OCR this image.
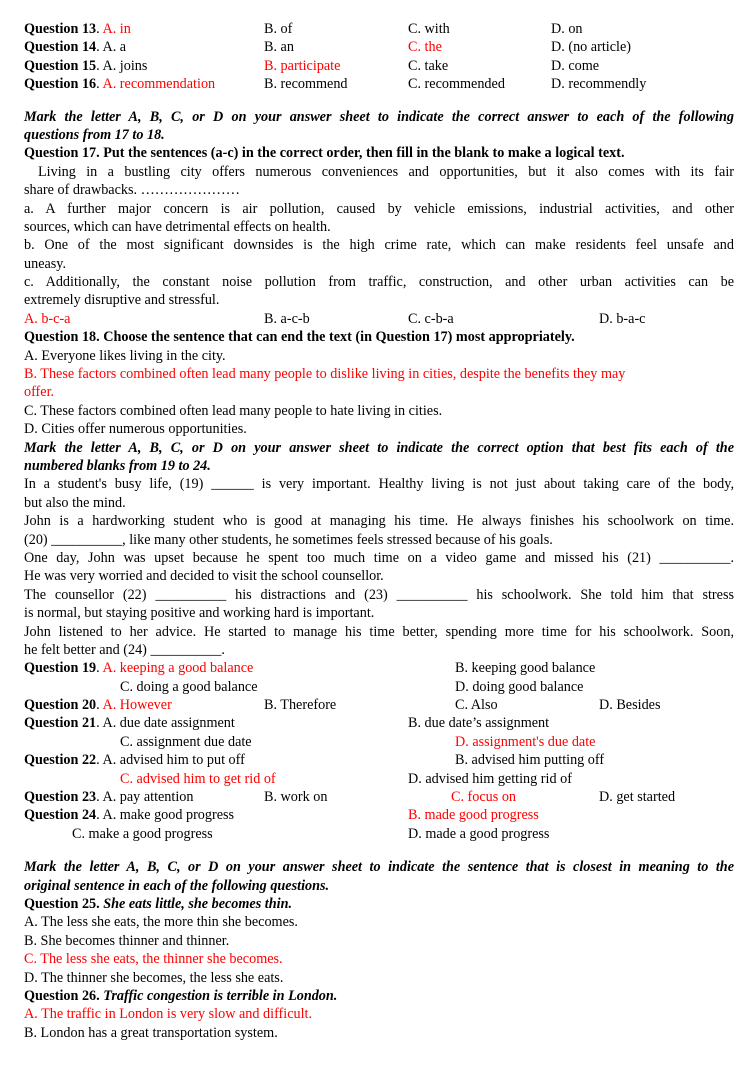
Question 13. A. in	B. of	C. with	D. on
Question 14. A. a	B. an	C. the	D. (no article)
Question 15. A. joins	B. participate	C. take	D. come
Question 16. A. recommendation	B. recommend	C. recommended	D. recommendly
Mark the letter A, B, C, or D on your answer sheet to indicate the correct answer to each of the following
questions from 17 to 18.
Question 17. Put the sentences (a-c) in the correct order, then fill in the blank to make a logical text.
Living in a bustling city offers numerous conveniences and opportunities, but it also comes with its fair
share of drawbacks. …………………
a. A further major concern is air pollution, caused by vehicle emissions, industrial activities, and other
sources, which can have detrimental effects on health.
b. One of the most significant downsides is the high crime rate, which can make residents feel unsafe and
uneasy.
c. Additionally, the constant noise pollution from traffic, construction, and other urban activities can be
extremely disruptive and stressful.
A. b-c-a	B. a-c-b	C. c-b-a	D. b-a-c
Question 18. Choose the sentence that can end the text (in Question 17) most appropriately.
A. Everyone likes living in the city.
B. These factors combined often lead many people to dislike living in cities, despite the benefits they may
offer.
C. These factors combined often lead many people to hate living in cities.
D. Cities offer numerous opportunities.
Mark the letter A, B, C, or D on your answer sheet to indicate the correct option that best fits each of the
numbered blanks from 19 to 24.
In a student's busy life, (19) ______ is very important. Healthy living is not just about taking care of the body,
but also the mind.
John is a hardworking student who is good at managing his time. He always finishes his schoolwork on time.
(20) __________, like many other students, he sometimes feels stressed because of his goals.
One day, John was upset because he spent too much time on a video game and missed his (21) __________.
He was very worried and decided to visit the school counsellor.
The counsellor (22) __________ his distractions and (23) __________ his schoolwork. She told him that stress
is normal, but staying positive and working hard is important.
John listened to her advice. He started to manage his time better, spending more time for his schoolwork. Soon,
he felt better and (24) __________.
Question 19. A. keeping a good balance	B. keeping good balance
C. doing a good balance	D. doing good balance
Question 20. A. However	B. Therefore	C. Also	D. Besides
Question 21. A. due date assignment	B. due date’s assignment
C. assignment due date	D. assignment's due date
Question 22. A. advised him to put off	B. advised him putting off
C. advised him to get rid of	D. advised him getting rid of
Question 23. A. pay attention	B. work on	C. focus on	D. get started
Question 24. A. make good progress	B. made good progress
C. make a good progress	D. made a good progress
Mark the letter A, B, C, or D on your answer sheet to indicate the sentence that is closest in meaning to the
original sentence in each of the following questions.
Question 25. She eats little, she becomes thin.
A. The less she eats, the more thin she becomes.
B. She becomes thinner and thinner.
C. The less she eats, the thinner she becomes.
D. The thinner she becomes, the less she eats.
Question 26. Traffic congestion is terrible in London.
A. The traffic in London is very slow and difficult.
B. London has a great transportation system.
